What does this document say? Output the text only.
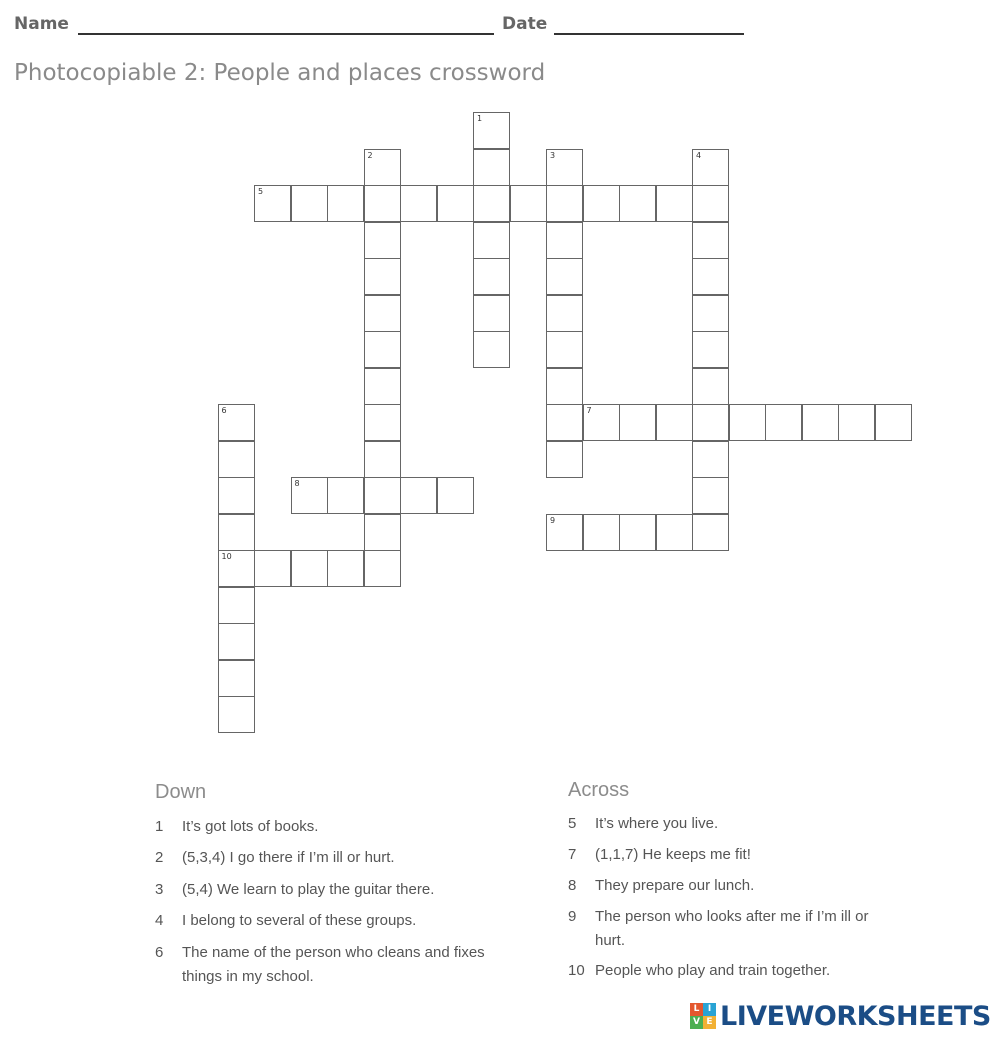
Name	Date
Photocopiable 2: People and places crossword
1
2	3	4
5
6
10
7
8
9
Down	Across
1 It’s got lots of books.
2 (5,3,4) I go there if I’m ill or hurt.
3 (5,4) We learn to play the guitar there.
4 I belong to several of these groups.
6 The name of the person who cleans and fixes things in my school.
5 It’s where you live.
7 (1,1,7) He keeps me fit!
8 They prepare our lunch.
9 The person who looks after me if I’m ill or hurt.
10 People who play and train together.
L I
V E LIVEWORKSHEETS
